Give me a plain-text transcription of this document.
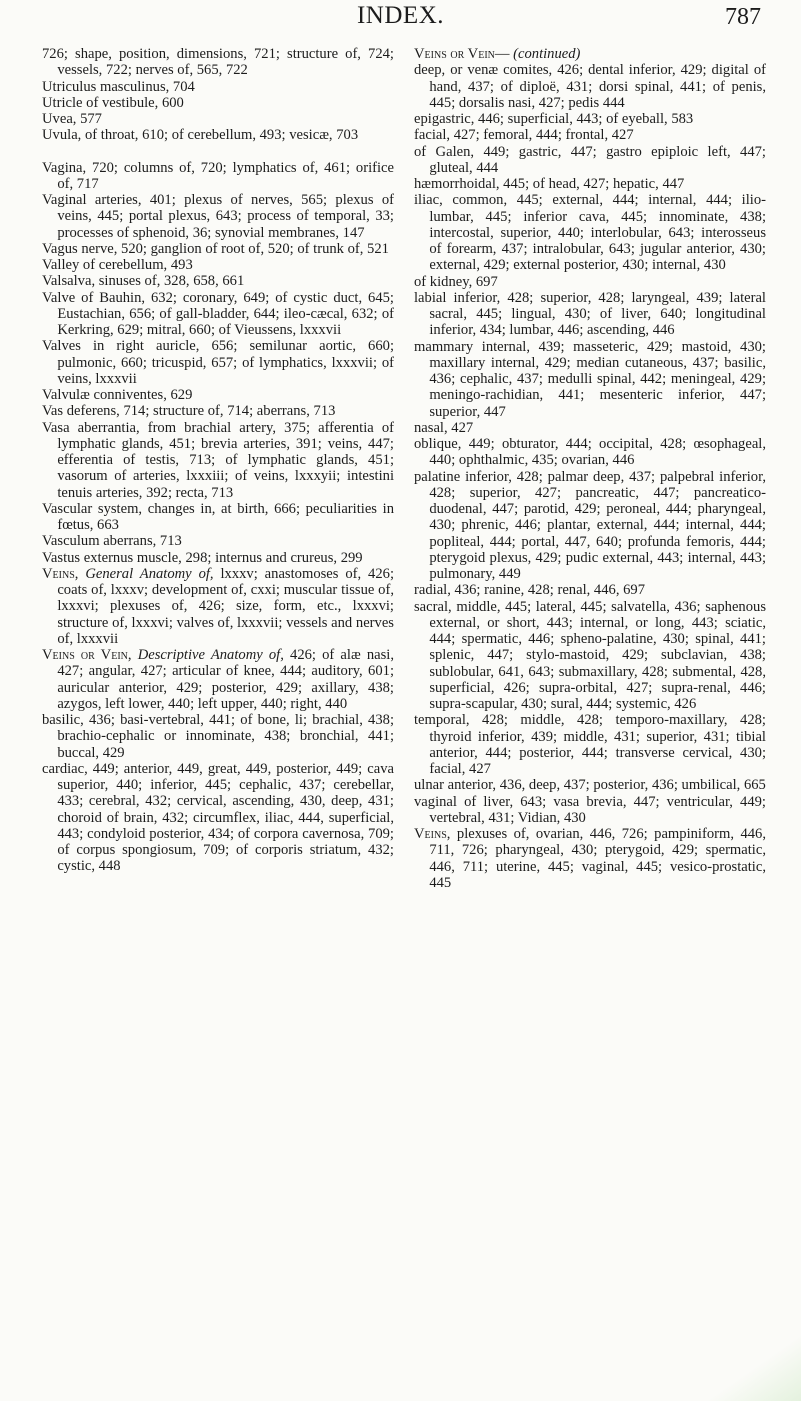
INDEX.	787
726; shape, position, dimensions, 721; structure of, 724; vessels, 722; nerves of, 565, 722
Utriculus masculinus, 704
Utricle of vestibule, 600
Uvea, 577
Uvula, of throat, 610; of cerebellum, 493; vesicæ, 703
Vagina, 720; columns of, 720; lymphatics of, 461; orifice of, 717
Vaginal arteries, 401; plexus of nerves, 565; plexus of veins, 445; portal plexus, 643; process of temporal, 33; processes of sphenoid, 36; synovial membranes, 147
Vagus nerve, 520; ganglion of root of, 520; of trunk of, 521
Valley of cerebellum, 493
Valsalva, sinuses of, 328, 658, 661
Valve of Bauhin, 632; coronary, 649; of cystic duct, 645; Eustachian, 656; of gall-bladder, 644; ileo-cæcal, 632; of Kerkring, 629; mitral, 660; of Vieussens, lxxxvii
Valves in right auricle, 656; semilunar aortic, 660; pulmonic, 660; tricuspid, 657; of lymphatics, lxxxvii; of veins, lxxxvii
Valvulæ conniventes, 629
Vas deferens, 714; structure of, 714; aberrans, 713
Vasa aberrantia, from brachial artery, 375; afferentia of lymphatic glands, 451; brevia arteries, 391; veins, 447; efferentia of testis, 713; of lymphatic glands, 451; vasorum of arteries, lxxxiii; of veins, lxxxyii; intestini tenuis arteries, 392; recta, 713
Vascular system, changes in, at birth, 666; peculiarities in fœtus, 663
Vasculum aberrans, 713
Vastus externus muscle, 298; internus and crureus, 299
Veins, General Anatomy of, lxxxv; anastomoses of, 426; coats of, lxxxv; development of, cxxi; muscular tissue of, lxxxvi; plexuses of, 426; size, form, etc., lxxxvi; structure of, lxxxvi; valves of, lxxxvii; vessels and nerves of, lxxxvii
Veins or Vein, Descriptive Anatomy of, 426; of alæ nasi, 427; angular, 427; articular of knee, 444; auditory, 601; auricular anterior, 429; posterior, 429; axillary, 438; azygos, left lower, 440; left upper, 440; right, 440
basilic, 436; basi-vertebral, 441; of bone, li; brachial, 438; brachio-cephalic or innominate, 438; bronchial, 441; buccal, 429
cardiac, 449; anterior, 449, great, 449, posterior, 449; cava superior, 440; inferior, 445; cephalic, 437; cerebellar, 433; cerebral, 432; cervical, ascending, 430, deep, 431; choroid of brain, 432; circumflex, iliac, 444, superficial, 443; condyloid posterior, 434; of corpora cavernosa, 709; of corpus spongiosum, 709; of corporis striatum, 432; cystic, 448
Veins or Vein— (continued)
deep, or venæ comites, 426; dental inferior, 429; digital of hand, 437; of diploë, 431; dorsi spinal, 441; of penis, 445; dorsalis nasi, 427; pedis 444
epigastric, 446; superficial, 443; of eyeball, 583
facial, 427; femoral, 444; frontal, 427
of Galen, 449; gastric, 447; gastro epiploic left, 447; gluteal, 444
hæmorrhoidal, 445; of head, 427; hepatic, 447
iliac, common, 445; external, 444; internal, 444; ilio-lumbar, 445; inferior cava, 445; innominate, 438; intercostal, superior, 440; interlobular, 643; interosseus of forearm, 437; intralobular, 643; jugular anterior, 430; external, 429; external posterior, 430; internal, 430
of kidney, 697
labial inferior, 428; superior, 428; laryngeal, 439; lateral sacral, 445; lingual, 430; of liver, 640; longitudinal inferior, 434; lumbar, 446; ascending, 446
mammary internal, 439; masseteric, 429; mastoid, 430; maxillary internal, 429; median cutaneous, 437; basilic, 436; cephalic, 437; medulli spinal, 442; meningeal, 429; meningo-rachidian, 441; mesenteric inferior, 447; superior, 447
nasal, 427
oblique, 449; obturator, 444; occipital, 428; œsophageal, 440; ophthalmic, 435; ovarian, 446
palatine inferior, 428; palmar deep, 437; palpebral inferior, 428; superior, 427; pancreatic, 447; pancreatico-duodenal, 447; parotid, 429; peroneal, 444; pharyngeal, 430; phrenic, 446; plantar, external, 444; internal, 444; popliteal, 444; portal, 447, 640; profunda femoris, 444; pterygoid plexus, 429; pudic external, 443; internal, 443; pulmonary, 449
radial, 436; ranine, 428; renal, 446, 697
sacral, middle, 445; lateral, 445; salvatella, 436; saphenous external, or short, 443; internal, or long, 443; sciatic, 444; spermatic, 446; spheno-palatine, 430; spinal, 441; splenic, 447; stylo-mastoid, 429; subclavian, 438; sublobular, 641, 643; submaxillary, 428; submental, 428, superficial, 426; supra-orbital, 427; supra-renal, 446; supra-scapular, 430; sural, 444; systemic, 426
temporal, 428; middle, 428; temporo-maxillary, 428; thyroid inferior, 439; middle, 431; superior, 431; tibial anterior, 444; posterior, 444; transverse cervical, 430; facial, 427
ulnar anterior, 436, deep, 437; posterior, 436; umbilical, 665
vaginal of liver, 643; vasa brevia, 447; ventricular, 449; vertebral, 431; Vidian, 430
Veins, plexuses of, ovarian, 446, 726; pampiniform, 446, 711, 726; pharyngeal, 430; pterygoid, 429; spermatic, 446, 711; uterine, 445; vaginal, 445; vesico-prostatic, 445
